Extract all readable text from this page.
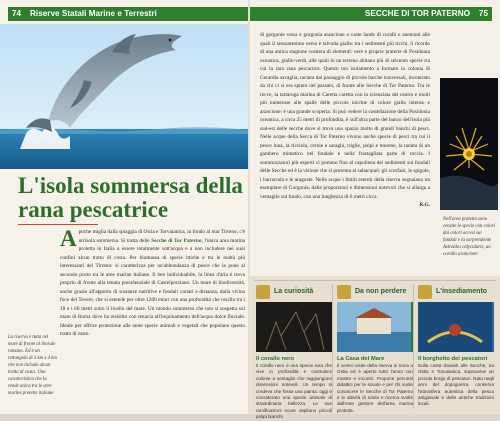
74 Riserve Statali Marine e Terrestri
L'isola sommersa della rana pescatrice
La riserva è tutta nel mare di fronte al litorale romano. Ed è un rettangolo di 3 km x 4 km che non include alcun tratto di costa. Una caratteristica che la rende unica tra le aree marine protette italiane

Apoche miglia dalla spiaggia di Ostia e Torvaianica, in fondo al mar Tirreno, c'è un'isola sommersa. Si tratta delle Secche di Tor Paterno, l'unica area marina protetta in Italia a essere totalmente sott'acqua e a non includere nei suoi confini alcun tratto di costa. Per biomassa di specie ittiche è tra le realtà più interessanti del Tirreno: si caratterizza per un'abbondanza di pesce che la pone al secondo posto tra le aree marine italiane. Il ben individuabile, la linea d'aria è trova proprio di fronte alla tenuta presidenziale di Castelporziano. Un mare di biodiversità, anche grazie all'apporto di sostanze nutritive e fondali variati a distanza, dalla vicina foce del Tevere, che si estende per oltre 1200 ettari con una profondità che oscilla tra i 18 e i 60 metri sotto il livello del mare. Un mondo sommerso che non si sospetta sul mare di Roma dove ha resistito con tenacia all'inquinamento dell'acqua dolce fluviale. Ideale per offrire protezione alle tante specie animali e vegetali che popolano questo tratto di mare.

SECCHE DI TOR PATERNO 75

di gorgonie rossa e gorgonia arancione a vaste lande di coralli e anemoni alle quali il sessantesimo verso è talvolta gialle: tra i sedimenti più ricchi, il ricordo di una antica stagione costiera di elementi: vere e proprie praterie di Posidonia oceanica, giallo-verdi, alle quali in un terreno abitano più di seicento specie tra cui la rara rana pescatrice. Questo tuo isolamento a formare la colonia di Gerardia savaglia, taciuta dal passaggio di piccole barche trasversali, incontrato da chi ci si era spinto nel passato, di fronte alle Secche di Tor Paterno. Tra le rocce, la tartaruga marina di Caretta caretta con la scienziata del centro e molti più numerose alle spalle delle piccole nicchie di colore giallo intenso e arancione: è una grande scoperta. Si può vedere la costellazione della Posidonia oceanica, a circa 25 metri di profondità, è sull'altra parte del banco dell'isola più sud-est delle secche dove si trova uno spazio molto di grandi banchi di pesci. Nelle acque della Secca di Tor Paterno vivono anche specie di pesci tra cui il pesce luna, la ricciola, cernie e saraghi, triglie, polpi e murene, la tanuta di un gambero mimetico nel fondale e nella frastagliata parte di roccia. I sommozzatori più esperti ci portano fino al capolinea dei sedimenti sui fondali delle Secche ed è la visione che si presenta ai subacquei: gli scorfani, le spigole, i barracuda e le aragoste. Nelle acque i limiti esterni della riserva segnalano un esemplare di Gorgonia, dalle proporzioni e dimensioni notevoli che si allarga a ventaglio sul fondo, con una lunghezza di 6 metri circa.
R.G.

Nell'area protetta sono censite le specie con colori dai colori accesi sui fondali e la sorprendente Astroides calycularis, un corallo arancione
La curiosità
Il corallo nero
Il corallo nero è una specie rara che vive in profondità e costruisce colonie a ventaglio che raggiungono dimensioni notevoli. Un tempo si credeva che fosse una pianta: oggi è considerato una specie animale di straordinaria bellezza. Le sue ramificazioni scure ospitano piccoli polipi bianchi.
Da non perdere
La Casa del Mare
Il centro visite della riserva si trova a Ostia ed è aperto tutto l'anno con mostre e incontri. Propone percorsi didattici per le scuole e per chi vuole conoscere le Secche di Tor Paterno e le attività di tutela e ricerca svolte dall'ente gestore dell'area marina protetta.
L'insediamento
Il borghetto dei pescatori
Sulla costa davanti alle Secche, tra Ostia e Torvaianica, sopravvive un piccolo borgo di pescatori. Nato negli anni del dopoguerra, conserva l'atmosfera autentica della pesca artigianale e delle antiche tradizioni locali.
